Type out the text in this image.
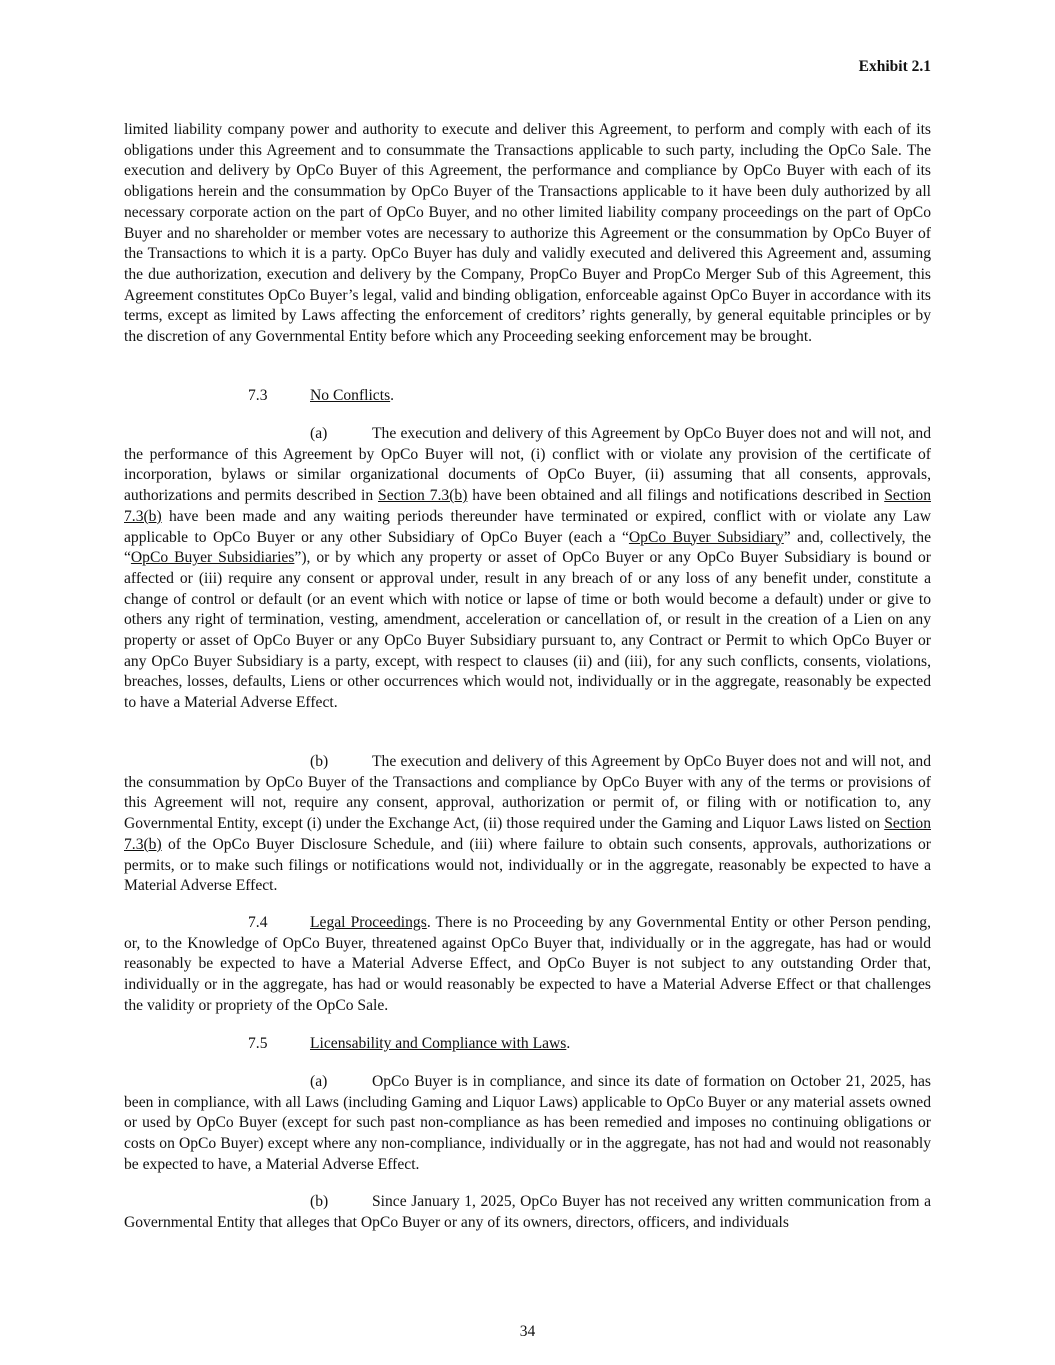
Exhibit 2.1

limited liability company power and authority to execute and deliver this Agreement, to perform and comply with each of its obligations under this Agreement and to consummate the Transactions applicable to such party, including the OpCo Sale. The execution and delivery by OpCo Buyer of this Agreement, the performance and compliance by OpCo Buyer with each of its obligations herein and the consummation by OpCo Buyer of the Transactions applicable to it have been duly authorized by all necessary corporate action on the part of OpCo Buyer, and no other limited liability company proceedings on the part of OpCo Buyer and no shareholder or member votes are necessary to authorize this Agreement or the consummation by OpCo Buyer of the Transactions to which it is a party. OpCo Buyer has duly and validly executed and delivered this Agreement and, assuming the due authorization, execution and delivery by the Company, PropCo Buyer and PropCo Merger Sub of this Agreement, this Agreement constitutes OpCo Buyer’s legal, valid and binding obligation, enforceable against OpCo Buyer in accordance with its terms, except as limited by Laws affecting the enforcement of creditors’ rights generally, by general equitable principles or by the discretion of any Governmental Entity before which any Proceeding seeking enforcement may be brought.

7.3	No Conflicts.

(a)	The execution and delivery of this Agreement by OpCo Buyer does not and will not, and the performance of this Agreement by OpCo Buyer will not, (i) conflict with or violate any provision of the certificate of incorporation, bylaws or similar organizational documents of OpCo Buyer, (ii) assuming that all consents, approvals, authorizations and permits described in Section 7.3(b) have been obtained and all filings and notifications described in Section 7.3(b) have been made and any waiting periods thereunder have terminated or expired, conflict with or violate any Law applicable to OpCo Buyer or any other Subsidiary of OpCo Buyer (each a “OpCo Buyer Subsidiary” and, collectively, the “OpCo Buyer Subsidiaries”), or by which any property or asset of OpCo Buyer or any OpCo Buyer Subsidiary is bound or affected or (iii) require any consent or approval under, result in any breach of or any loss of any benefit under, constitute a change of control or default (or an event which with notice or lapse of time or both would become a default) under or give to others any right of termination, vesting, amendment, acceleration or cancellation of, or result in the creation of a Lien on any property or asset of OpCo Buyer or any OpCo Buyer Subsidiary pursuant to, any Contract or Permit to which OpCo Buyer or any OpCo Buyer Subsidiary is a party, except, with respect to clauses (ii) and (iii), for any such conflicts, consents, violations, breaches, losses, defaults, Liens or other occurrences which would not, individually or in the aggregate, reasonably be expected to have a Material Adverse Effect.

(b)	The execution and delivery of this Agreement by OpCo Buyer does not and will not, and the consummation by OpCo Buyer of the Transactions and compliance by OpCo Buyer with any of the terms or provisions of this Agreement will not, require any consent, approval, authorization or permit of, or filing with or notification to, any Governmental Entity, except (i) under the Exchange Act, (ii) those required under the Gaming and Liquor Laws listed on Section 7.3(b) of the OpCo Buyer Disclosure Schedule, and (iii) where failure to obtain such consents, approvals, authorizations or permits, or to make such filings or notifications would not, individually or in the aggregate, reasonably be expected to have a Material Adverse Effect.

7.4	Legal Proceedings. There is no Proceeding by any Governmental Entity or other Person pending, or, to the Knowledge of OpCo Buyer, threatened against OpCo Buyer that, individually or in the aggregate, has had or would reasonably be expected to have a Material Adverse Effect, and OpCo Buyer is not subject to any outstanding Order that, individually or in the aggregate, has had or would reasonably be expected to have a Material Adverse Effect or that challenges the validity or propriety of the OpCo Sale.

7.5	Licensability and Compliance with Laws.

(a)	OpCo Buyer is in compliance, and since its date of formation on October 21, 2025, has been in compliance, with all Laws (including Gaming and Liquor Laws) applicable to OpCo Buyer or any material assets owned or used by OpCo Buyer (except for such past non-compliance as has been remedied and imposes no continuing obligations or costs on OpCo Buyer) except where any non-compliance, individually or in the aggregate, has not had and would not reasonably be expected to have, a Material Adverse Effect.

(b)	Since January 1, 2025, OpCo Buyer has not received any written communication from a Governmental Entity that alleges that OpCo Buyer or any of its owners, directors, officers, and individuals

34
